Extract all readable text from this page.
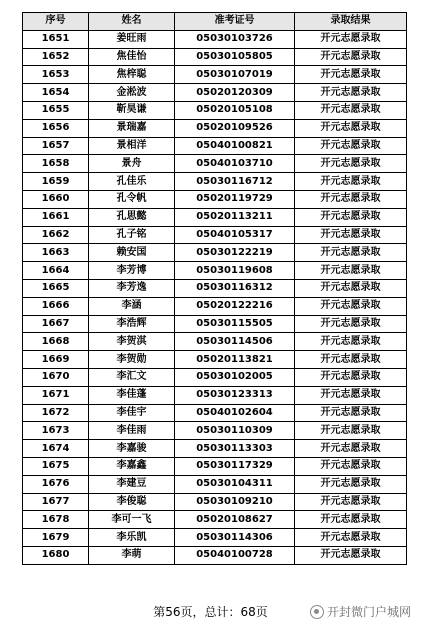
序号	姓名	准考证号	录取结果
1651	姜旺雨	05030103726	开元志愿录取
1652	焦佳怡	05030105805	开元志愿录取
1653	焦梓聪	05030107019	开元志愿录取
1654	金淞波	05020120309	开元志愿录取
1655	靳昊谦	05020105108	开元志愿录取
1656	景瑞嘉	05020109526	开元志愿录取
1657	景相洋	05040100821	开元志愿录取
1658	景舟	05040103710	开元志愿录取
1659	孔佳乐	05030116712	开元志愿录取
1660	孔令帆	05020119729	开元志愿录取
1661	孔思懿	05020113211	开元志愿录取
1662	孔子铭	05040105317	开元志愿录取
1663	赖安国	05030122219	开元志愿录取
1664	李芳博	05030119608	开元志愿录取
1665	李芳逸	05030116312	开元志愿录取
1666	李涵	05020122216	开元志愿录取
1667	李浩辉	05030115505	开元志愿录取
1668	李贺淇	05030114506	开元志愿录取
1669	李贺勋	05020113821	开元志愿录取
1670	李汇文	05030102005	开元志愿录取
1671	李佳蓬	05030123313	开元志愿录取
1672	李佳宇	05040102604	开元志愿录取
1673	李佳雨	05030110309	开元志愿录取
1674	李嘉骏	05030113303	开元志愿录取
1675	李嘉鑫	05030117329	开元志愿录取
1676	李建豆	05030104311	开元志愿录取
1677	李俊聪	05030109210	开元志愿录取
1678	李可一飞	05020108627	开元志愿录取
1679	李乐凯	05030114306	开元志愿录取
1680	李萌	05040100728	开元志愿录取
第56页，总计：68页	开封微门户城网
